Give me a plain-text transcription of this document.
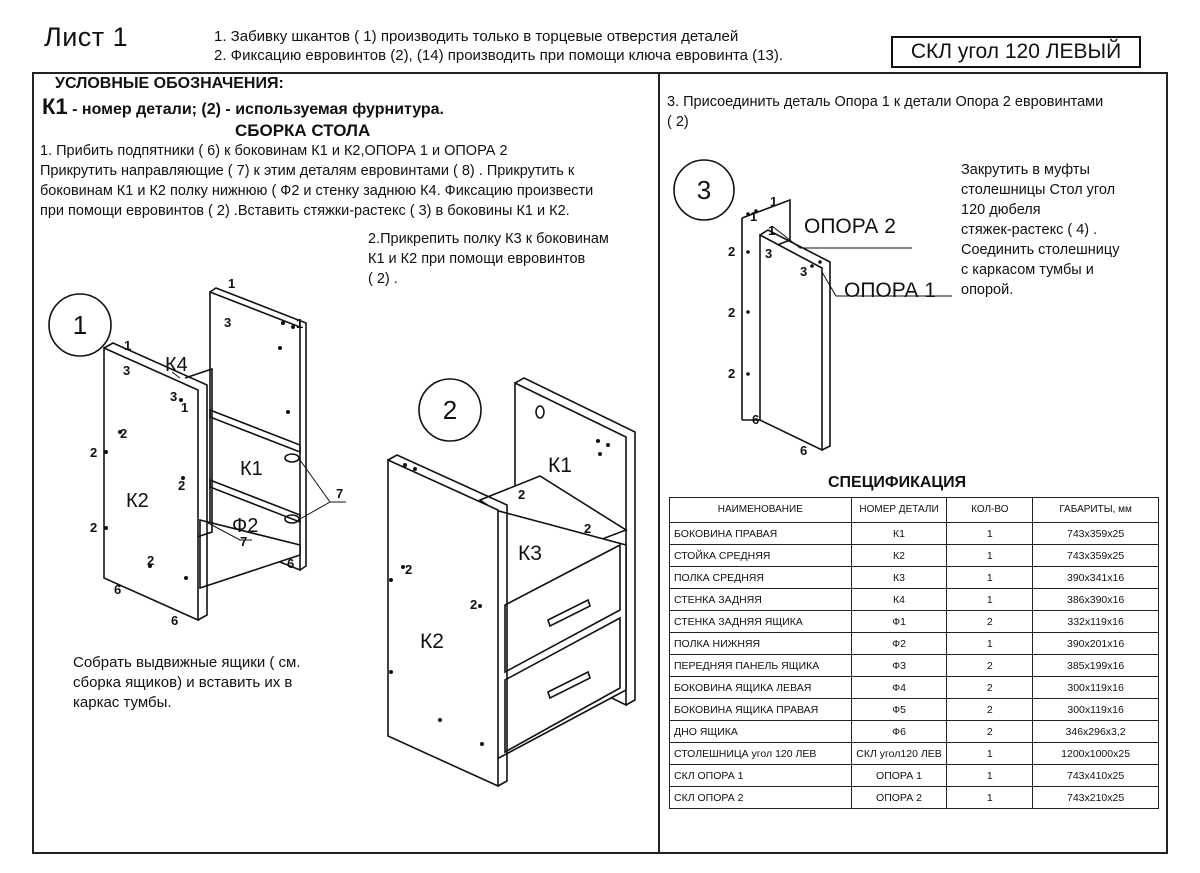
Лист 1	1. Забивку шкантов ( 1) производить только в торцевые отверстия деталей
2. Фиксацию евровинтов (2), (14) производить при помощи ключа евровинта (13).	СКЛ угол 120 ЛЕВЫЙ
УСЛОВНЫЕ ОБОЗНАЧЕНИЯ:
К1 - номер детали; (2) - используемая фурнитура.
СБОРКА СТОЛА
1. Прибить подпятники ( 6) к боковинам К1 и К2,ОПОРА 1 и ОПОРА 2
Прикрутить направляющие ( 7) к этим деталям евровинтами ( 8) . Прикрутить к
боковинам К1 и К2 полку нижнюю ( Ф2 и стенку заднюю К4. Фиксацию произвести
при помощи евровинтов ( 2) .Вставить стяжки-растекс ( 3) в боковины К1 и К2.
2.Прикрепить полку К3 к боковинам
К1 и К2 при помощи евровинтов
( 2) .
Собрать выдвижные ящики ( см.
сборка ящиков) и вставить их в
каркас тумбы.
3. Присоединить деталь Опора 1 к детали Опора 2 евровинтами
( 2)
Закрутить в муфты
столешницы Стол угол
120 дюбеля
стяжек-растекс ( 4) .
Соединить столешницу
с каркасом тумбы и
опорой.
1
К4
К1
К2
Ф2
1
3	1
1
3
3
1
2
2
2
2
2	6
6
6
7
7
2
К1
К3
К2
2
2
2
2
3
ОПОРА 2
ОПОРА 1
1
1
1
2 3
3
2
2
6
6
СПЕЦИФИКАЦИЯ
НАИМЕНОВАНИЕ	НОМЕР ДЕТАЛИ	КОЛ-ВО	ГАБАРИТЫ, мм
БОКОВИНА ПРАВАЯ	К1	1	743х359х25
СТОЙКА СРЕДНЯЯ	К2	1	743х359х25
ПОЛКА СРЕДНЯЯ	К3	1	390х341х16
СТЕНКА ЗАДНЯЯ	К4	1	386х390х16
СТЕНКА ЗАДНЯЯ ЯЩИКА	Ф1	2	332х119х16
ПОЛКА НИЖНЯЯ	Ф2	1	390х201х16
ПЕРЕДНЯЯ ПАНЕЛЬ ЯЩИКА	Ф3	2	385х199х16
БОКОВИНА ЯЩИКА ЛЕВАЯ	Ф4	2	300х119х16
БОКОВИНА ЯЩИКА ПРАВАЯ	Ф5	2	300х119х16
ДНО ЯЩИКА	Ф6	2	346х296х3,2
СТОЛЕШНИЦА угол 120 ЛЕВ	СКЛ угол120 ЛЕВ	1	1200х1000х25
СКЛ ОПОРА 1	ОПОРА 1	1	743х410х25
СКЛ ОПОРА 2	ОПОРА 2	1	743х210х25
